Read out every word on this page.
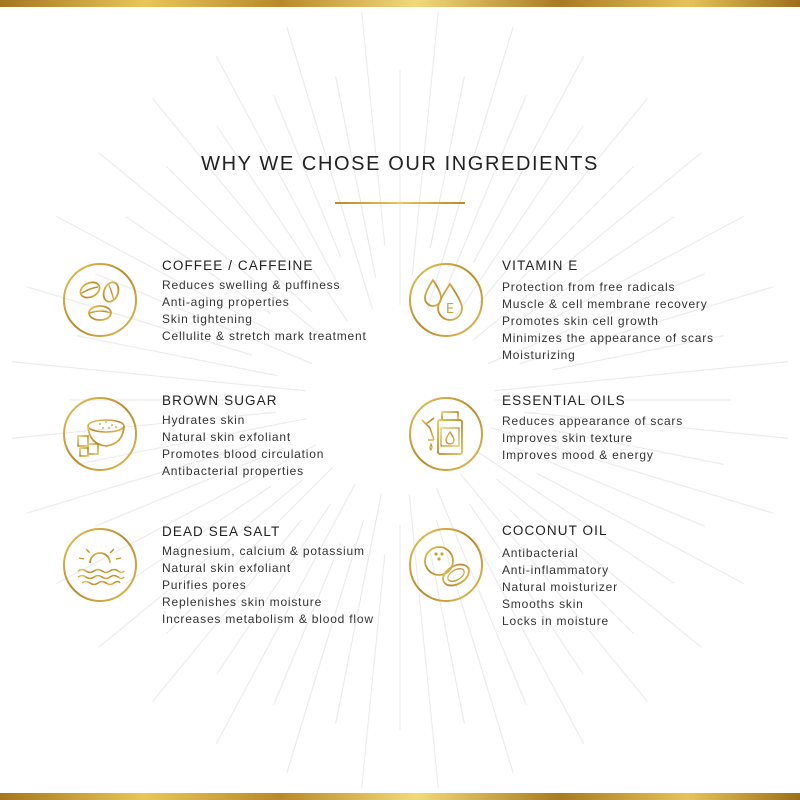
WHY WE CHOSE OUR INGREDIENTS
COFFEE / CAFFEINE
Reduces swelling & puffiness
Anti-aging properties
Skin tightening
Cellulite & stretch mark treatment
E
VITAMIN E
Protection from free radicals
Muscle & cell membrane recovery
Promotes skin cell growth
Minimizes the appearance of scars
Moisturizing
BROWN SUGAR
Hydrates skin
Natural skin exfoliant
Promotes blood circulation
Antibacterial properties
ESSENTIAL OILS
Reduces appearance of scars
Improves skin texture
Improves mood & energy
DEAD SEA SALT
Magnesium, calcium & potassium
Natural skin exfoliant
Purifies pores
Replenishes skin moisture
Increases metabolism & blood flow
COCONUT OIL
Antibacterial
Anti-inflammatory
Natural moisturizer
Smooths skin
Locks in moisture
